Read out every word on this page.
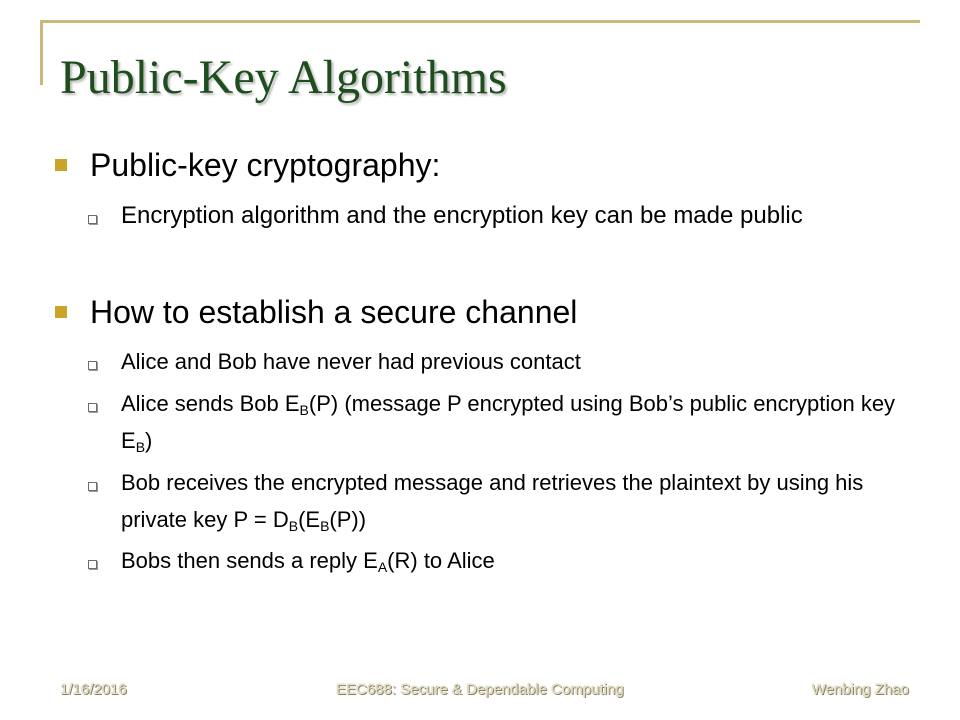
Public-Key Algorithms
Public-key cryptography:
Encryption algorithm and the encryption key can be made public
How to establish a secure channel
Alice and Bob have never had previous contact
Alice sends Bob $E_B(P)$ (message P encrypted using Bob’s public encryption key $E_B$)
Bob receives the encrypted message and retrieves the plaintext by using his private key $P = D_B(E_B(P))$
Bobs then sends a reply $E_A(R)$ to Alice
1/16/2016	EEC688: Secure & Dependable Computing	Wenbing Zhao
